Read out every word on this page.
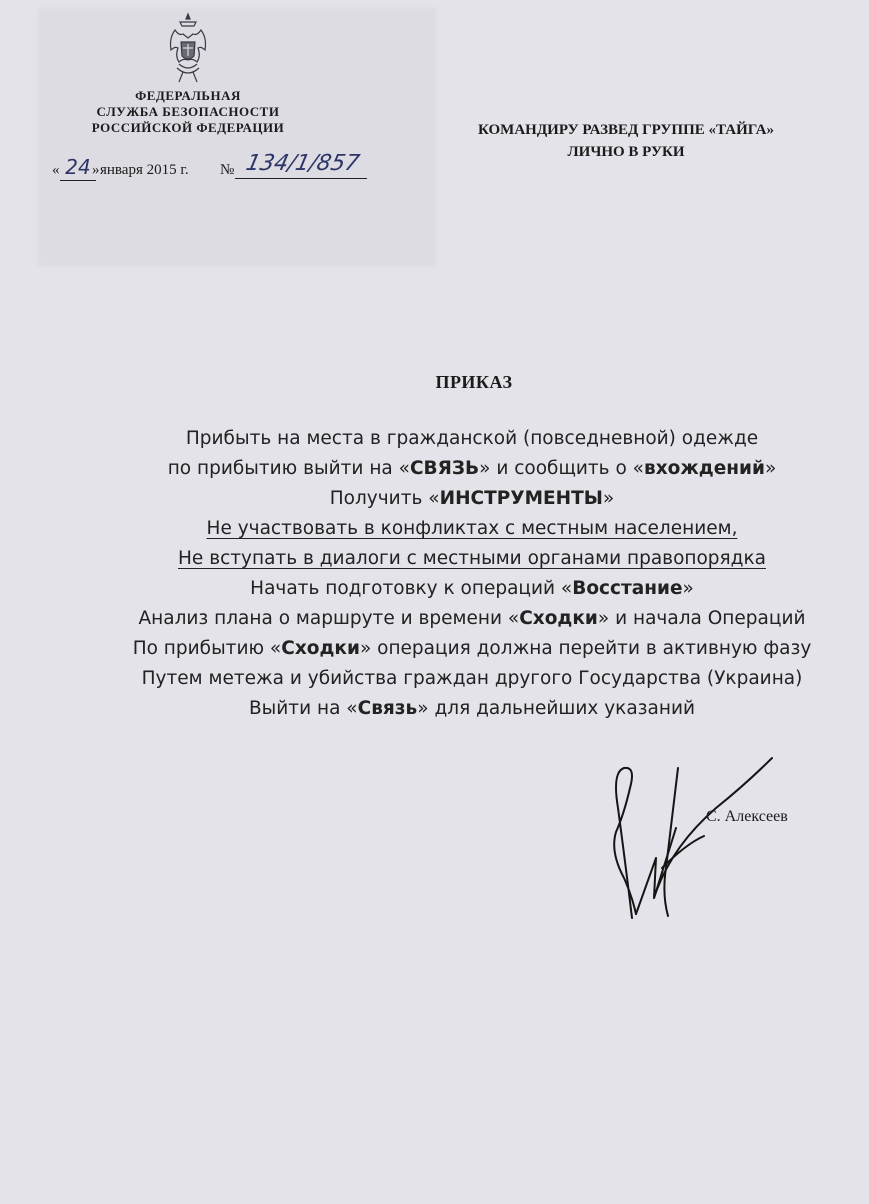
ФЕДЕРАЛЬНАЯ
СЛУЖБА БЕЗОПАСНОСТИ
РОССИЙСКОЙ ФЕДЕРАЦИИ
« 24 » января 2015 г. № 134/1/857
КОМАНДИРУ РАЗВЕД ГРУППЕ «ТАЙГА»
ЛИЧНО В РУКИ
ПРИКАЗ
Прибыть на места в гражданской (повседневной) одежде
по прибытию выйти на «СВЯЗЬ» и сообщить о «вхождений»
Получить «ИНСТРУМЕНТЫ»
Не участвовать в конфликтах с местным населением,
Не вступать в диалоги с местными органами правопорядка
Начать подготовку к операций «Восстание»
Анализ плана о маршруте и времени «Сходки» и начала Операций
По прибытию «Сходки» операция должна перейти в активную фазу
Путем метежа и убийства граждан другого Государства (Украина)
Выйти на «Связь» для дальнейших указаний
С. Алексеев
